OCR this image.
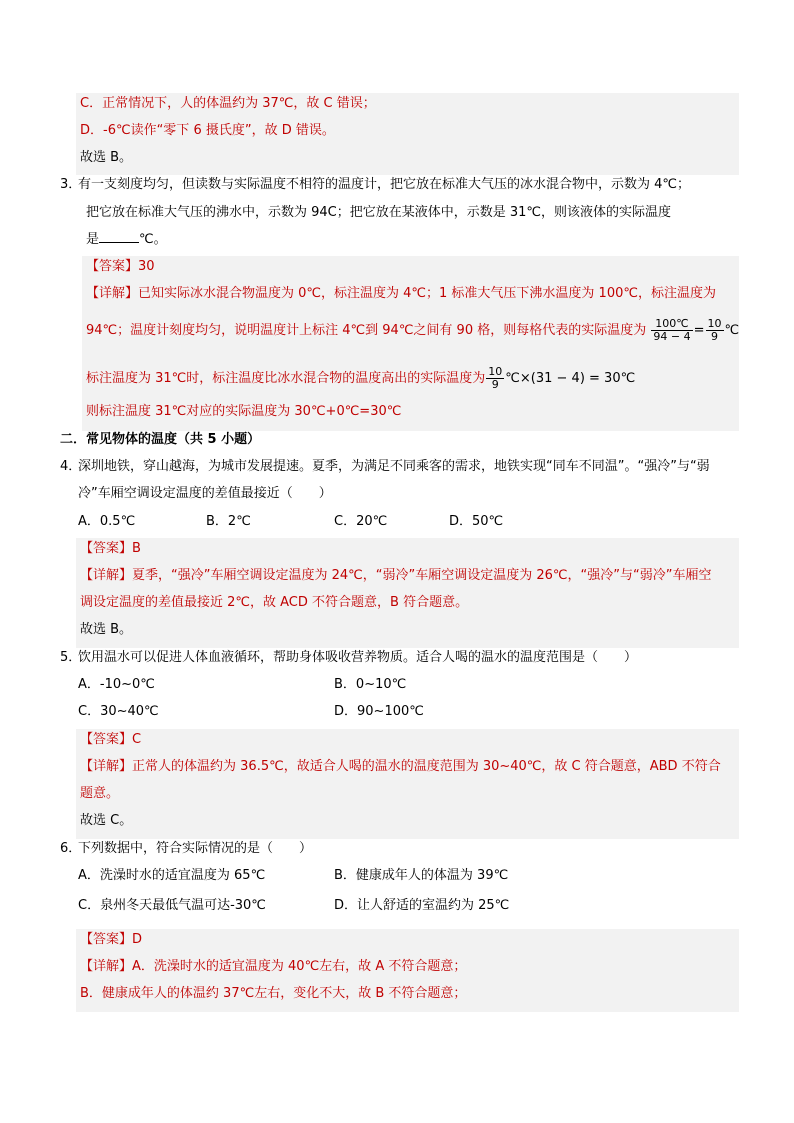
C．正常情况下，人的体温约为 37℃，故 C 错误；
D．-6℃读作“零下 6 摄氏度”，故 D 错误。
故选 B。
3．
有一支刻度均匀，但读数与实际温度不相符的温度计，把它放在标准大气压的冰水混合物中，示数为 4℃；
把它放在标准大气压的沸水中，示数为 94C；把它放在某液体中，示数是 31℃，则该液体的实际温度
是	℃。
【答案】30
【详解】已知实际冰水混合物温度为 0℃，标注温度为 4℃；1 标准大气压下沸水温度为 100℃，标注温度为
94℃；温度计刻度均匀，说明温度计上标注 4℃到 94℃之间有 90 格，则每格代表的实际温度为 $\frac{100℃}{94 - 4} = \frac{10}{9}$ ℃
标注温度为 31℃时，标注温度比冰水混合物的温度高出的实际温度为 $\frac{10}{9}$ ℃×(31 − 4) = 30℃
则标注温度 31℃对应的实际温度为 30℃+0℃=30℃
二．常见物体的温度（共 5 小题）
4．
深圳地铁，穿山越海，为城市发展提速。夏季，为满足不同乘客的需求，地铁实现“同车不同温”。“强冷”与“弱
冷”车厢空调设定温度的差值最接近（　　）
A．0.5℃	B．2℃	C．20℃	D．50℃
【答案】B
【详解】夏季，“强冷”车厢空调设定温度为 24℃，“弱冷”车厢空调设定温度为 26℃，“强冷”与“弱冷”车厢空
调设定温度的差值最接近 2℃，故 ACD 不符合题意，B 符合题意。
故选 B。
5．
饮用温水可以促进人体血液循环，帮助身体吸收营养物质。适合人喝的温水的温度范围是（　　）
A．-10~0℃	B．0~10℃
C．30~40℃	D．90~100℃
【答案】C
【详解】正常人的体温约为 36.5℃，故适合人喝的温水的温度范围为 30~40℃，故 C 符合题意，ABD 不符合
题意。
故选 C。
6．
下列数据中，符合实际情况的是（　　）
A．洗澡时水的适宜温度为 65℃	B．健康成年人的体温为 39℃
C．泉州冬天最低气温可达-30℃	D．让人舒适的室温约为 25℃
【答案】D
【详解】A．洗澡时水的适宜温度为 40℃左右，故 A 不符合题意；
B．健康成年人的体温约 37℃左右，变化不大，故 B 不符合题意；
